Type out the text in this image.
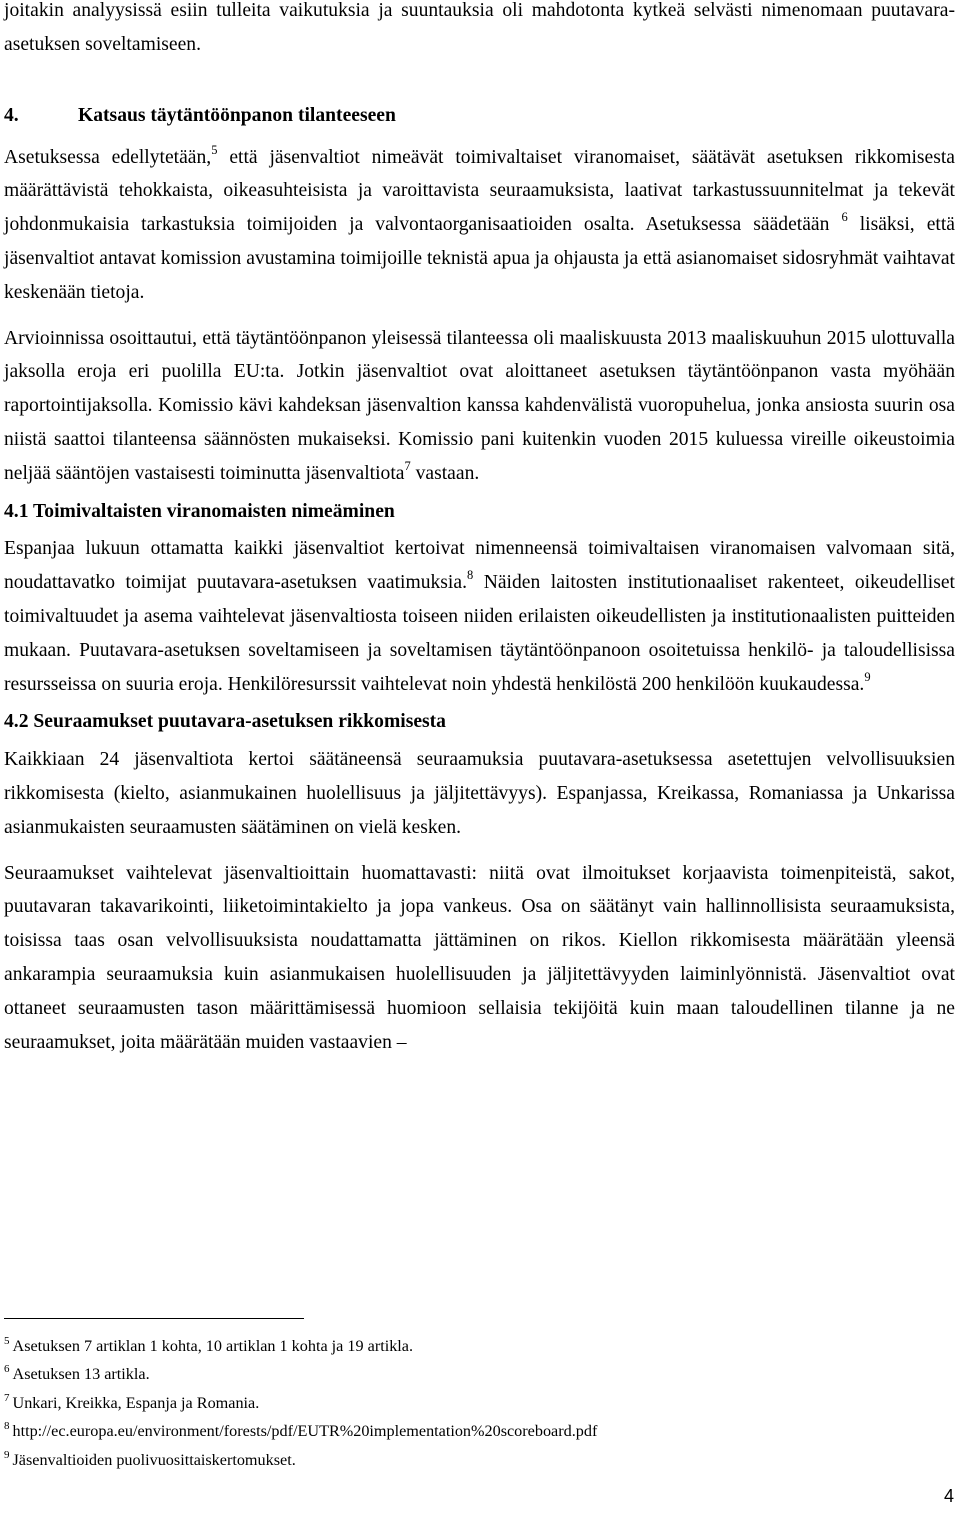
joitakin analyysissä esiin tulleita vaikutuksia ja suuntauksia oli mahdotonta kytkeä selvästi nimenomaan puutavara-asetuksen soveltamiseen.

4.	Katsaus täytäntöönpanon tilanteeseen

Asetuksessa edellytetään,$^5$ että jäsenvaltiot nimeävät toimivaltaiset viranomaiset, säätävät asetuksen rikkomisesta määrättävistä tehokkaista, oikeasuhteisista ja varoittavista seuraamuksista, laativat tarkastussuunnitelmat ja tekevät johdonmukaisia tarkastuksia toimijoiden ja valvontaorganisaatioiden osalta. Asetuksessa säädetään $^6$ lisäksi, että jäsenvaltiot antavat komission avustamina toimijoille teknistä apua ja ohjausta ja että asianomaiset sidosryhmät vaihtavat keskenään tietoja.

Arvioinnissa osoittautui, että täytäntöönpanon yleisessä tilanteessa oli maaliskuusta 2013 maaliskuuhun 2015 ulottuvalla jaksolla eroja eri puolilla EU:ta. Jotkin jäsenvaltiot ovat aloittaneet asetuksen täytäntöönpanon vasta myöhään raportointijaksolla. Komissio kävi kahdeksan jäsenvaltion kanssa kahdenvälistä vuoropuhelua, jonka ansiosta suurin osa niistä saattoi tilanteensa säännösten mukaiseksi. Komissio pani kuitenkin vuoden 2015 kuluessa vireille oikeustoimia neljää sääntöjen vastaisesti toiminutta jäsenvaltiota$^7$ vastaan.

4.1 Toimivaltaisten viranomaisten nimeäminen

Espanjaa lukuun ottamatta kaikki jäsenvaltiot kertoivat nimenneensä toimivaltaisen viranomaisen valvomaan sitä, noudattavatko toimijat puutavara-asetuksen vaatimuksia.$^8$ Näiden laitosten institutionaaliset rakenteet, oikeudelliset toimivaltuudet ja asema vaihtelevat jäsenvaltiosta toiseen niiden erilaisten oikeudellisten ja institutionaalisten puitteiden mukaan. Puutavara-asetuksen soveltamiseen ja soveltamisen täytäntöönpanoon osoitetuissa henkilö- ja taloudellisissa resursseissa on suuria eroja. Henkilöresurssit vaihtelevat noin yhdestä henkilöstä 200 henkilöön kuukaudessa.$^9$

4.2 Seuraamukset puutavara-asetuksen rikkomisesta

Kaikkiaan 24 jäsenvaltiota kertoi säätäneensä seuraamuksia puutavara-asetuksessa asetettujen velvollisuuksien rikkomisesta (kielto, asianmukainen huolellisuus ja jäljitettävyys). Espanjassa, Kreikassa, Romaniassa ja Unkarissa asianmukaisten seuraamusten säätäminen on vielä kesken.

Seuraamukset vaihtelevat jäsenvaltioittain huomattavasti: niitä ovat ilmoitukset korjaavista toimenpiteistä, sakot, puutavaran takavarikointi, liiketoimintakielto ja jopa vankeus. Osa on säätänyt vain hallinnollisista seuraamuksista, toisissa taas osan velvollisuuksista noudattamatta jättäminen on rikos. Kiellon rikkomisesta määrätään yleensä ankarampia seuraamuksia kuin asianmukaisen huolellisuuden ja jäljitettävyyden laiminlyönnistä. Jäsenvaltiot ovat ottaneet seuraamusten tason määrittämisessä huomioon sellaisia tekijöitä kuin maan taloudellinen tilanne ja ne seuraamukset, joita määrätään muiden vastaavien –

$^5$ Asetuksen 7 artiklan 1 kohta, 10 artiklan 1 kohta ja 19 artikla.
$^6$ Asetuksen 13 artikla.
$^7$ Unkari, Kreikka, Espanja ja Romania.
$^8$ http://ec.europa.eu/environment/forests/pdf/EUTR%20implementation%20scoreboard.pdf
$^9$ Jäsenvaltioiden puolivuosittaiskertomukset.
4
